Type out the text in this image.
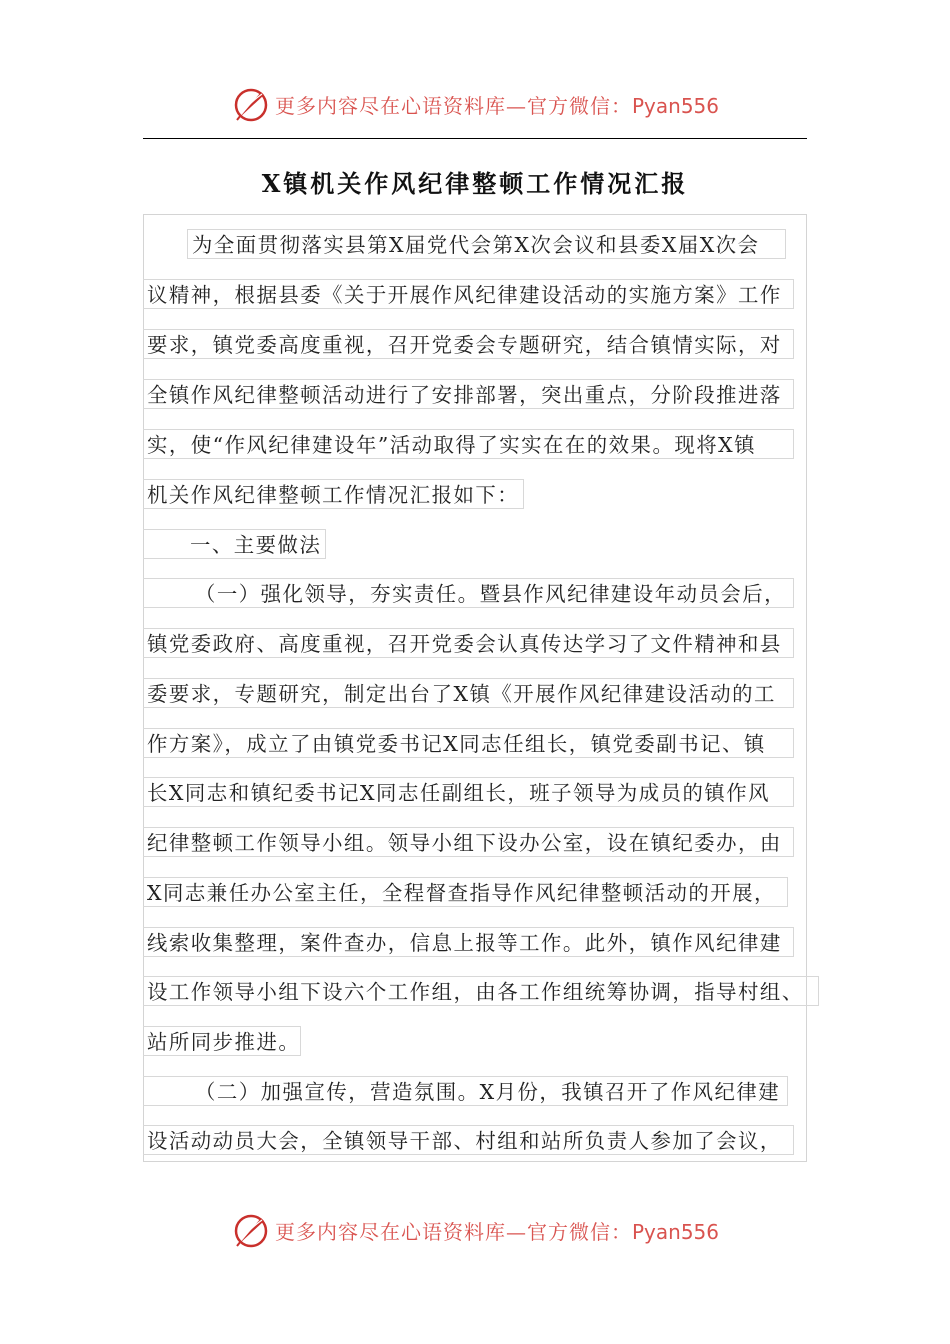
更多内容尽在心语资料库—官方微信：Pyan556
X镇机关作风纪律整顿工作情况汇报
为全面贯彻落实县第X届党代会第X次会议和县委X届X次会
议精神，根据县委《关于开展作风纪律建设活动的实施方案》工作
要求，镇党委高度重视，召开党委会专题研究，结合镇情实际，对
全镇作风纪律整顿活动进行了安排部署，突出重点，分阶段推进落
实，使“作风纪律建设年”活动取得了实实在在的效果。现将X镇
机关作风纪律整顿工作情况汇报如下：
一、主要做法
（一）强化领导，夯实责任。暨县作风纪律建设年动员会后，
镇党委政府、高度重视，召开党委会认真传达学习了文件精神和县
委要求，专题研究，制定出台了X镇《开展作风纪律建设活动的工
作方案》，成立了由镇党委书记X同志任组长，镇党委副书记、镇
长X同志和镇纪委书记X同志任副组长，班子领导为成员的镇作风
纪律整顿工作领导小组。领导小组下设办公室，设在镇纪委办，由
X同志兼任办公室主任，全程督查指导作风纪律整顿活动的开展，
线索收集整理，案件查办，信息上报等工作。此外，镇作风纪律建
设工作领导小组下设六个工作组，由各工作组统筹协调，指导村组、
站所同步推进。
（二）加强宣传，营造氛围。X月份，我镇召开了作风纪律建
设活动动员大会，全镇领导干部、村组和站所负责人参加了会议，
更多内容尽在心语资料库—官方微信：Pyan556
